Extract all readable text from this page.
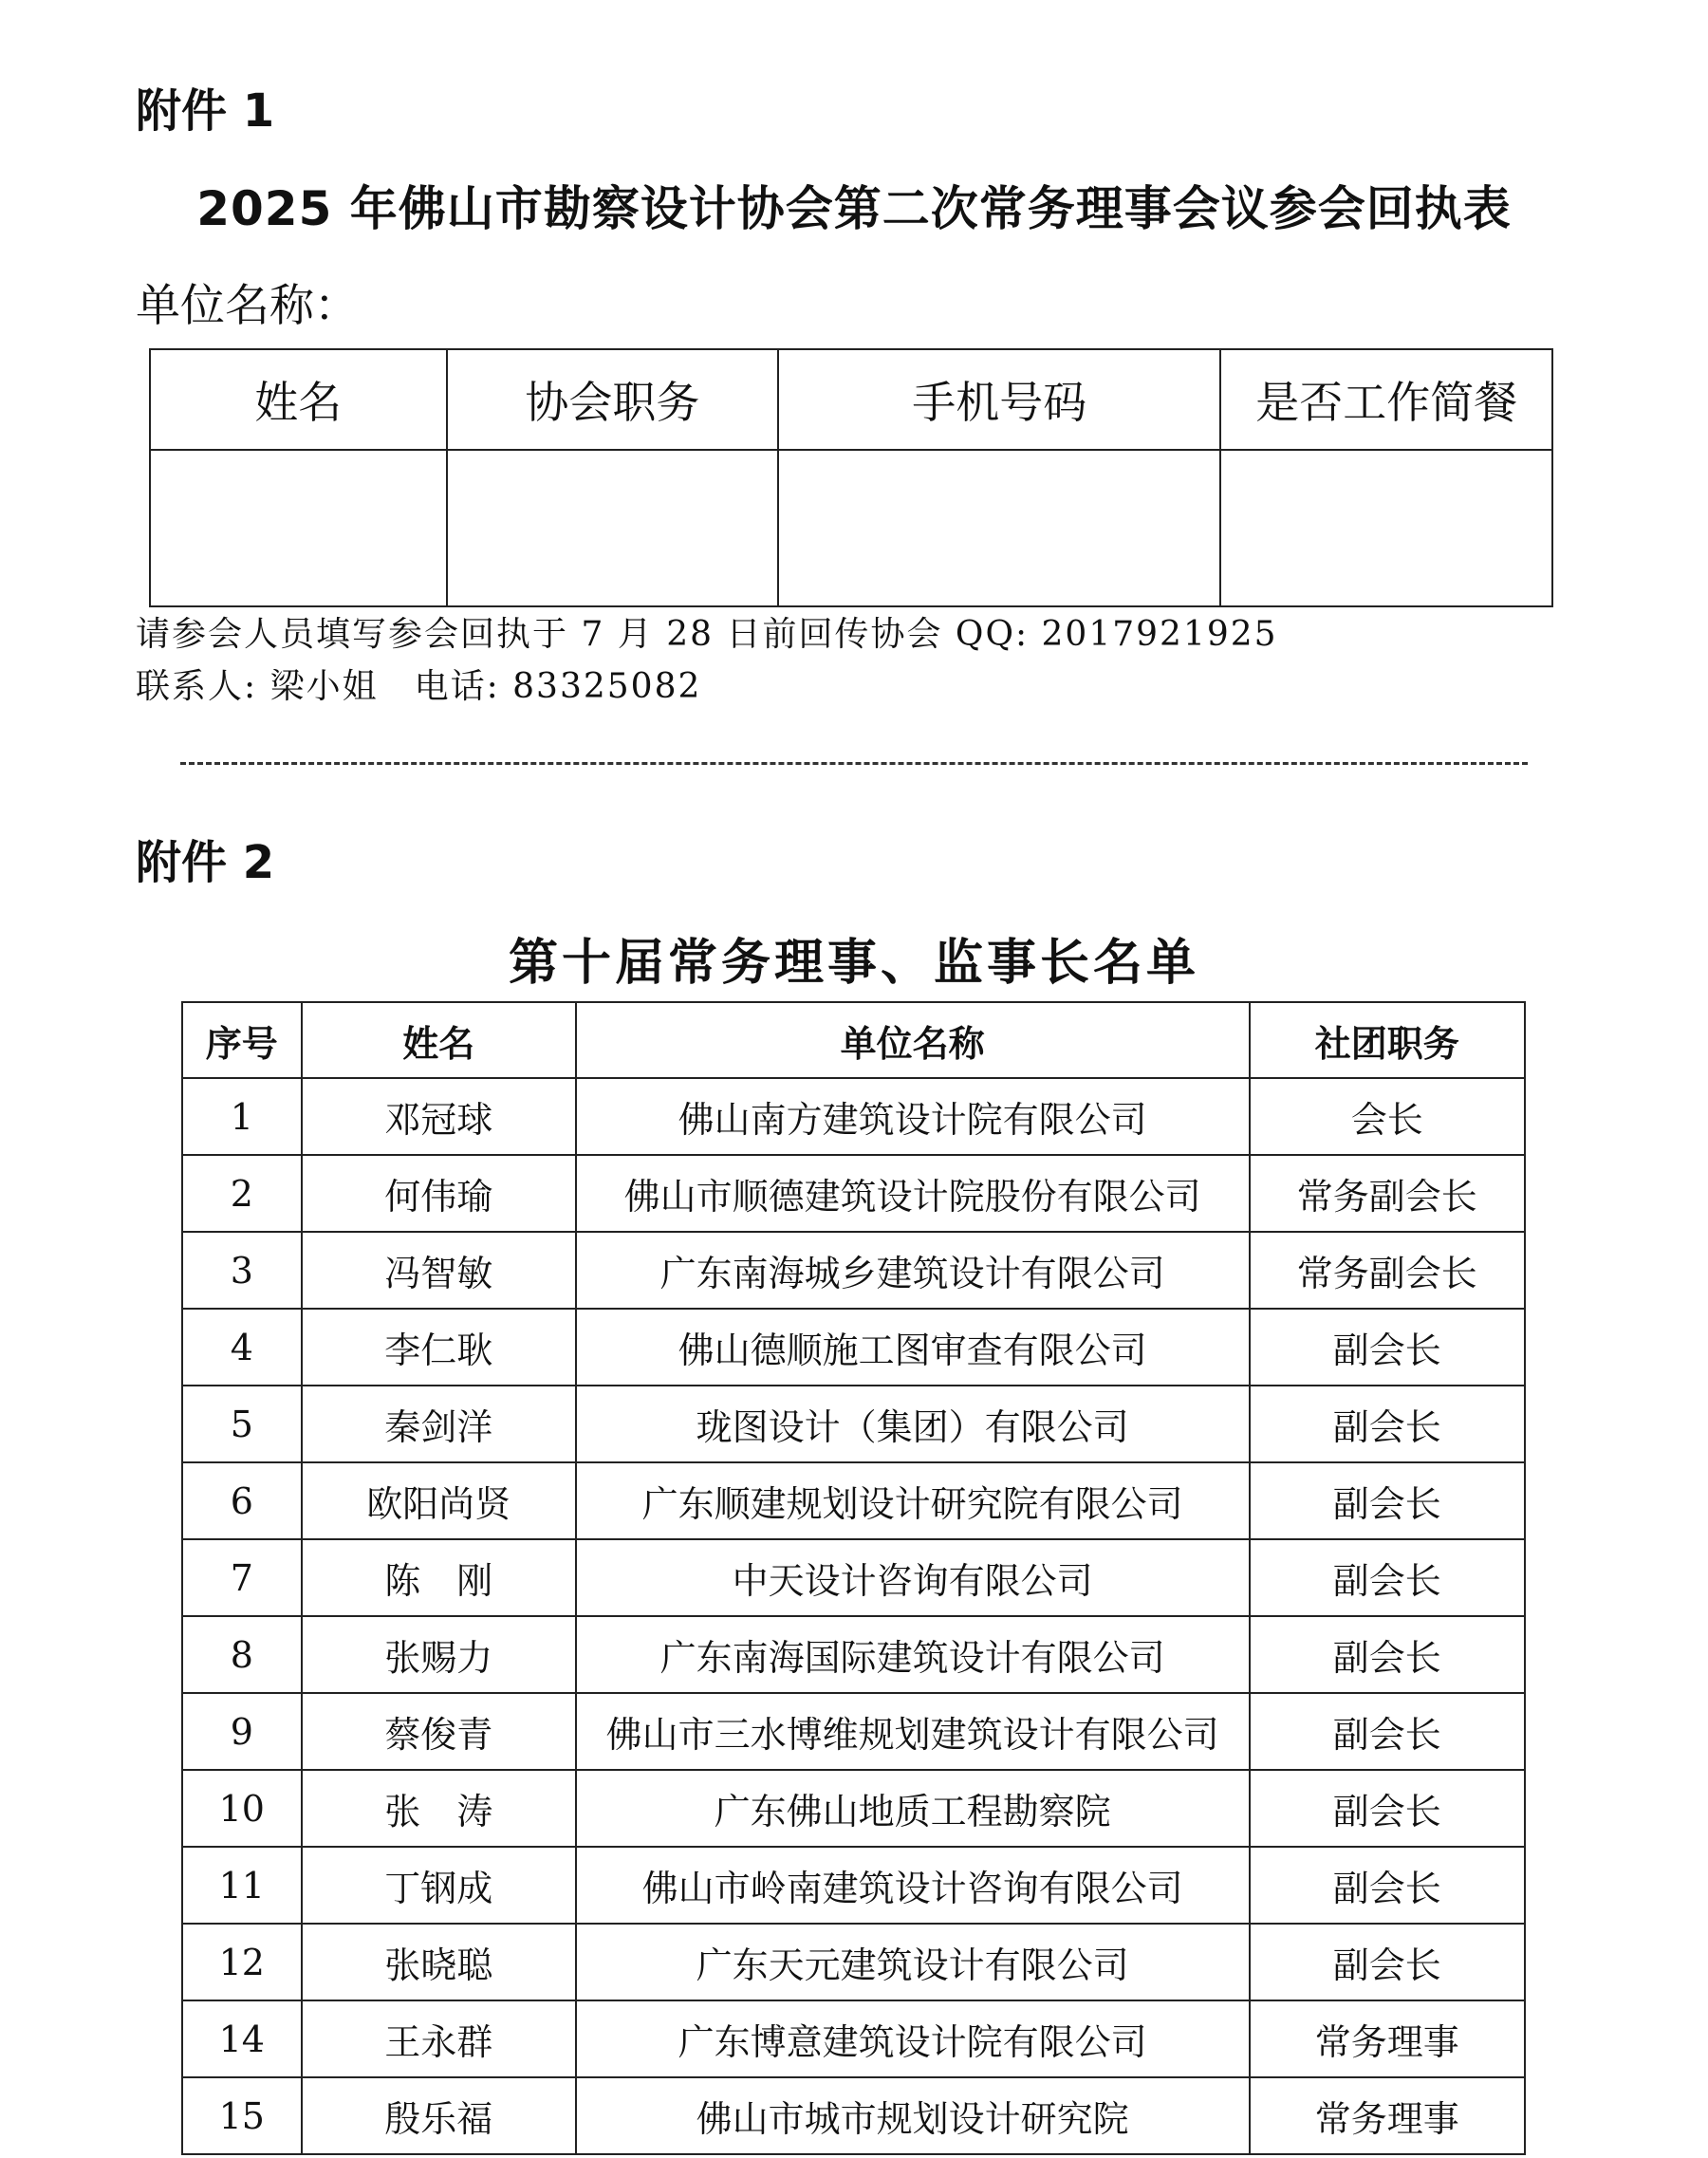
附件 1
2025 年佛山市勘察设计协会第二次常务理事会议参会回执表
单位名称：
姓名	协会职务	手机号码	是否工作简餐

请参会人员填写参会回执于 7 月 28 日前回传协会 QQ: 2017921925
联系人: 梁小姐　电话: 83325082
附件 2
第十届常务理事、监事长名单
序号	姓名	单位名称	社团职务
1	邓冠球	佛山南方建筑设计院有限公司	会长
2	何伟瑜	佛山市顺德建筑设计院股份有限公司	常务副会长
3	冯智敏	广东南海城乡建筑设计有限公司	常务副会长
4	李仁耿	佛山德顺施工图审查有限公司	副会长
5	秦剑洋	珑图设计（集团）有限公司	副会长
6	欧阳尚贤	广东顺建规划设计研究院有限公司	副会长
7	陈　刚	中天设计咨询有限公司	副会长
8	张赐力	广东南海国际建筑设计有限公司	副会长
9	蔡俊青	佛山市三水博维规划建筑设计有限公司	副会长
10	张　涛	广东佛山地质工程勘察院	副会长
11	丁钢成	佛山市岭南建筑设计咨询有限公司	副会长
12	张晓聪	广东天元建筑设计有限公司	副会长
14	王永群	广东博意建筑设计院有限公司	常务理事
15	殷乐福	佛山市城市规划设计研究院	常务理事
